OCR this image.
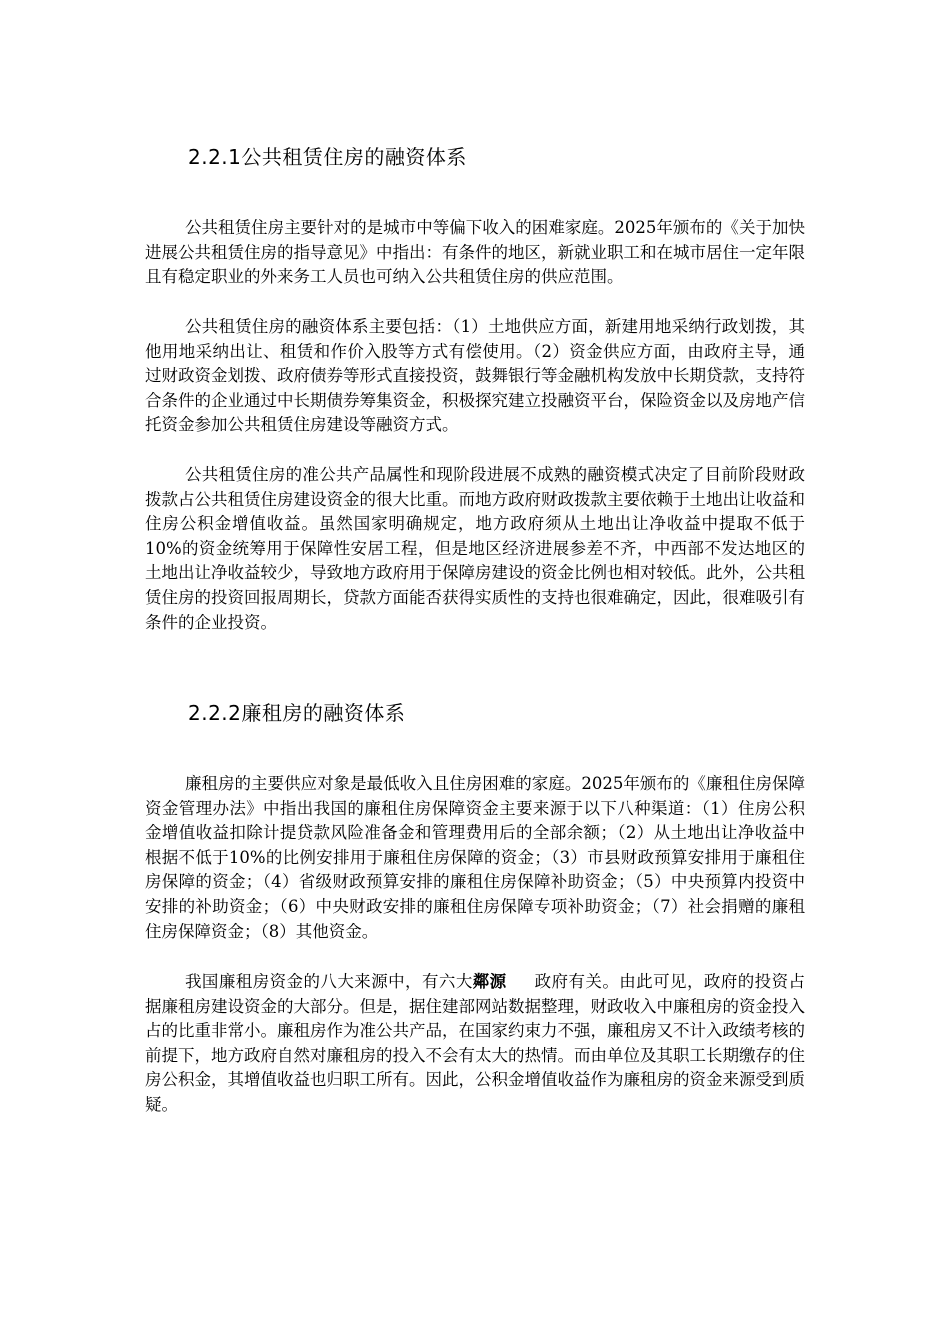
2.2.1公共租赁住房的融资体系

公共租赁住房主要针对的是城市中等偏下收入的困难家庭。2025年颁布的《关于加快进展公共租赁住房的指导意见》中指出：有条件的地区，新就业职工和在城市居住一定年限且有稳定职业的外来务工人员也可纳入公共租赁住房的供应范围。

公共租赁住房的融资体系主要包括：（1）土地供应方面，新建用地采纳行政划拨，其他用地采纳出让、租赁和作价入股等方式有偿使用。（2）资金供应方面，由政府主导，通过财政资金划拨、政府债券等形式直接投资，鼓舞银行等金融机构发放中长期贷款，支持符合条件的企业通过中长期债券筹集资金，积极探究建立投融资平台，保险资金以及房地产信托资金参加公共租赁住房建设等融资方式。

公共租赁住房的准公共产品属性和现阶段进展不成熟的融资模式决定了目前阶段财政拨款占公共租赁住房建设资金的很大比重。而地方政府财政拨款主要依赖于土地出让收益和住房公积金增值收益。虽然国家明确规定，地方政府须从土地出让净收益中提取不低于10%的资金统筹用于保障性安居工程，但是地区经济进展参差不齐，中西部不发达地区的土地出让净收益较少，导致地方政府用于保障房建设的资金比例也相对较低。此外，公共租赁住房的投资回报周期长，贷款方面能否获得实质性的支持也很难确定，因此，很难吸引有条件的企业投资。

2.2.2廉租房的融资体系

廉租房的主要供应对象是最低收入且住房困难的家庭。2025年颁布的《廉租住房保障资金管理办法》中指出我国的廉租住房保障资金主要来源于以下八种渠道：（1）住房公积金增值收益扣除计提贷款风险准备金和管理费用后的全部余额；（2）从土地出让净收益中根据不低于10%的比例安排用于廉租住房保障的资金；（3）市县财政预算安排用于廉租住房保障的资金；（4）省级财政预算安排的廉租住房保障补助资金；（5）中央预算内投资中安排的补助资金；（6）中央财政安排的廉租住房保障专项补助资金；（7）社会捐赠的廉租住房保障资金；（8）其他资金。

我国廉租房资金的八大来源中，有六大鄰源 政府有关。由此可见，政府的投资占据廉租房建设资金的大部分。但是，据住建部网站数据整理，财政收入中廉租房的资金投入占的比重非常小。廉租房作为准公共产品，在国家约束力不强，廉租房又不计入政绩考核的前提下，地方政府自然对廉租房的投入不会有太大的热情。而由单位及其职工长期缴存的住房公积金，其增值收益也归职工所有。因此，公积金增值收益作为廉租房的资金来源受到质疑。
